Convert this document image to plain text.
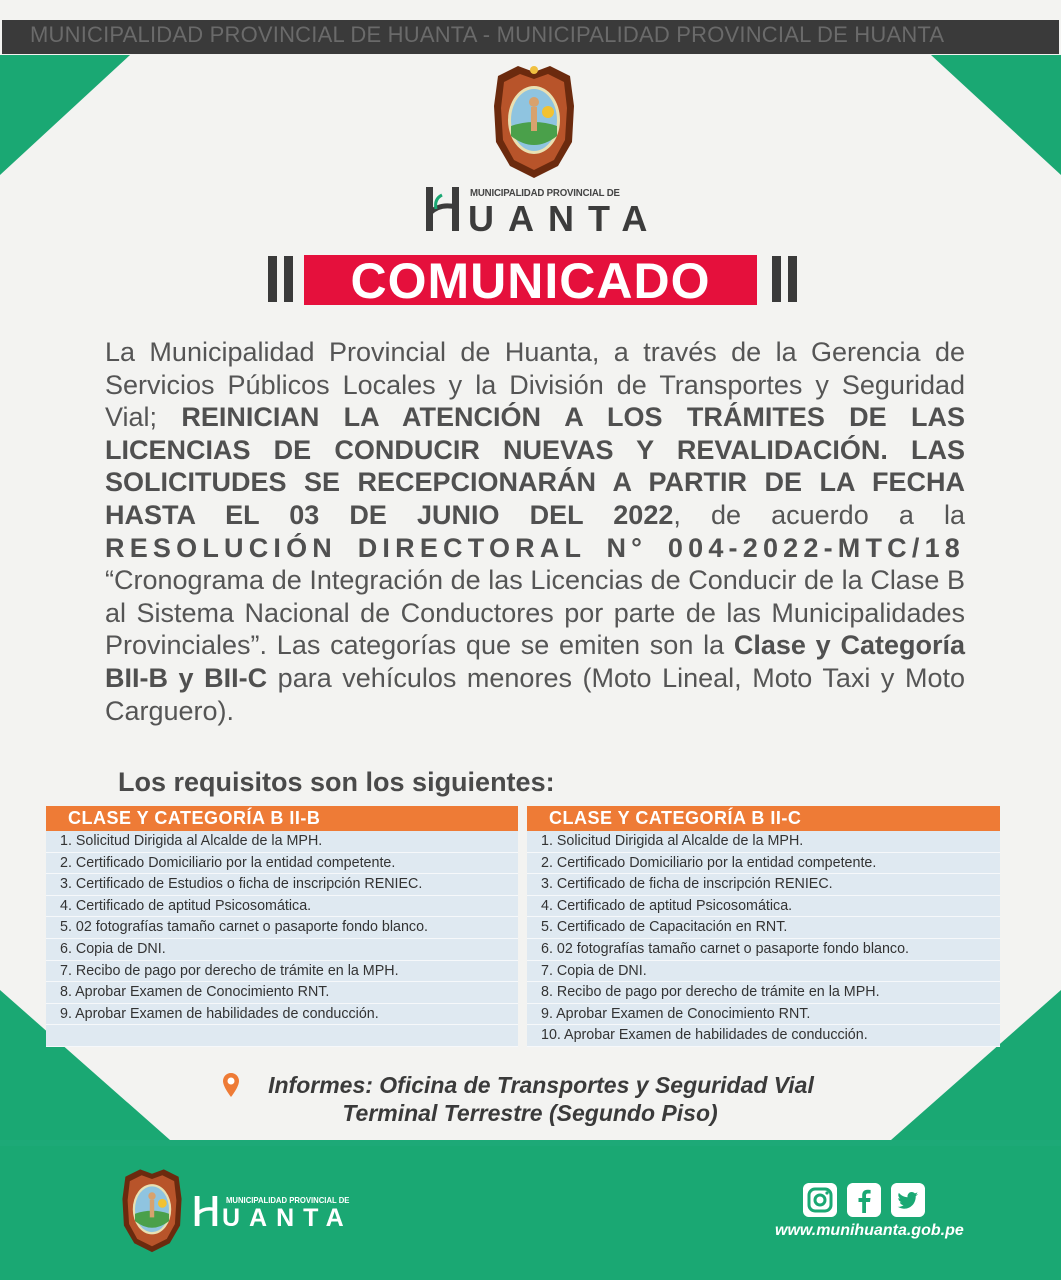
MUNICIPALIDAD PROVINCIAL DE HUANTA - MUNICIPALIDAD PROVINCIAL DE HUANTA
MUNICIPALIDAD PROVINCIAL DE
UANTA
COMUNICADO
La Municipalidad Provincial de Huanta, a través de la Gerencia de Servicios Públicos Locales y la División de Transportes y Seguridad Vial; REINICIAN LA ATENCIÓN A LOS TRÁMITES DE LAS LICENCIAS DE CONDUCIR NUEVAS Y REVALIDACIÓN. LAS SOLICITUDES SE RECEPCIONARÁN A PARTIR DE LA FECHA HASTA EL 03 DE JUNIO DEL 2022, de acuerdo a la RESOLUCIÓN DIRECTORAL N° 004-2022-MTC/18 “Cronograma de Integración de las Licencias de Conducir de la Clase B al Sistema Nacional de Conductores por parte de las Municipalidades Provinciales”. Las categorías que se emiten son la Clase y Categoría BII-B y BII-C para vehículos menores (Moto Lineal, Moto Taxi y Moto Carguero).
Los requisitos son los siguientes:
CLASE Y CATEGORÍA B II-B
1. Solicitud Dirigida al Alcalde de la MPH.
2. Certificado Domiciliario por la entidad competente.
3. Certificado de Estudios o ficha de inscripción RENIEC.
4. Certificado de aptitud Psicosomática.
5. 02 fotografías tamaño carnet o pasaporte fondo blanco.
6. Copia de DNI.
7. Recibo de pago por derecho de trámite en la MPH.
8. Aprobar Examen de Conocimiento RNT.
9. Aprobar Examen de habilidades de conducción.
CLASE Y CATEGORÍA B II-C
1. Solicitud Dirigida al Alcalde de la MPH.
2. Certificado Domiciliario por la entidad competente.
3. Certificado de ficha de inscripción RENIEC.
4. Certificado de aptitud Psicosomática.
5. Certificado de Capacitación en RNT.
6. 02 fotografías tamaño carnet o pasaporte fondo blanco.
7. Copia de DNI.
8. Recibo de pago por derecho de trámite en la MPH.
9. Aprobar Examen de Conocimiento RNT.
10. Aprobar Examen de habilidades de conducción.
Informes: Oficina de Transportes y Seguridad Vial
Terminal Terrestre (Segundo Piso)
MUNICIPALIDAD PROVINCIAL DE
UANTA	www.munihuanta.gob.pe
